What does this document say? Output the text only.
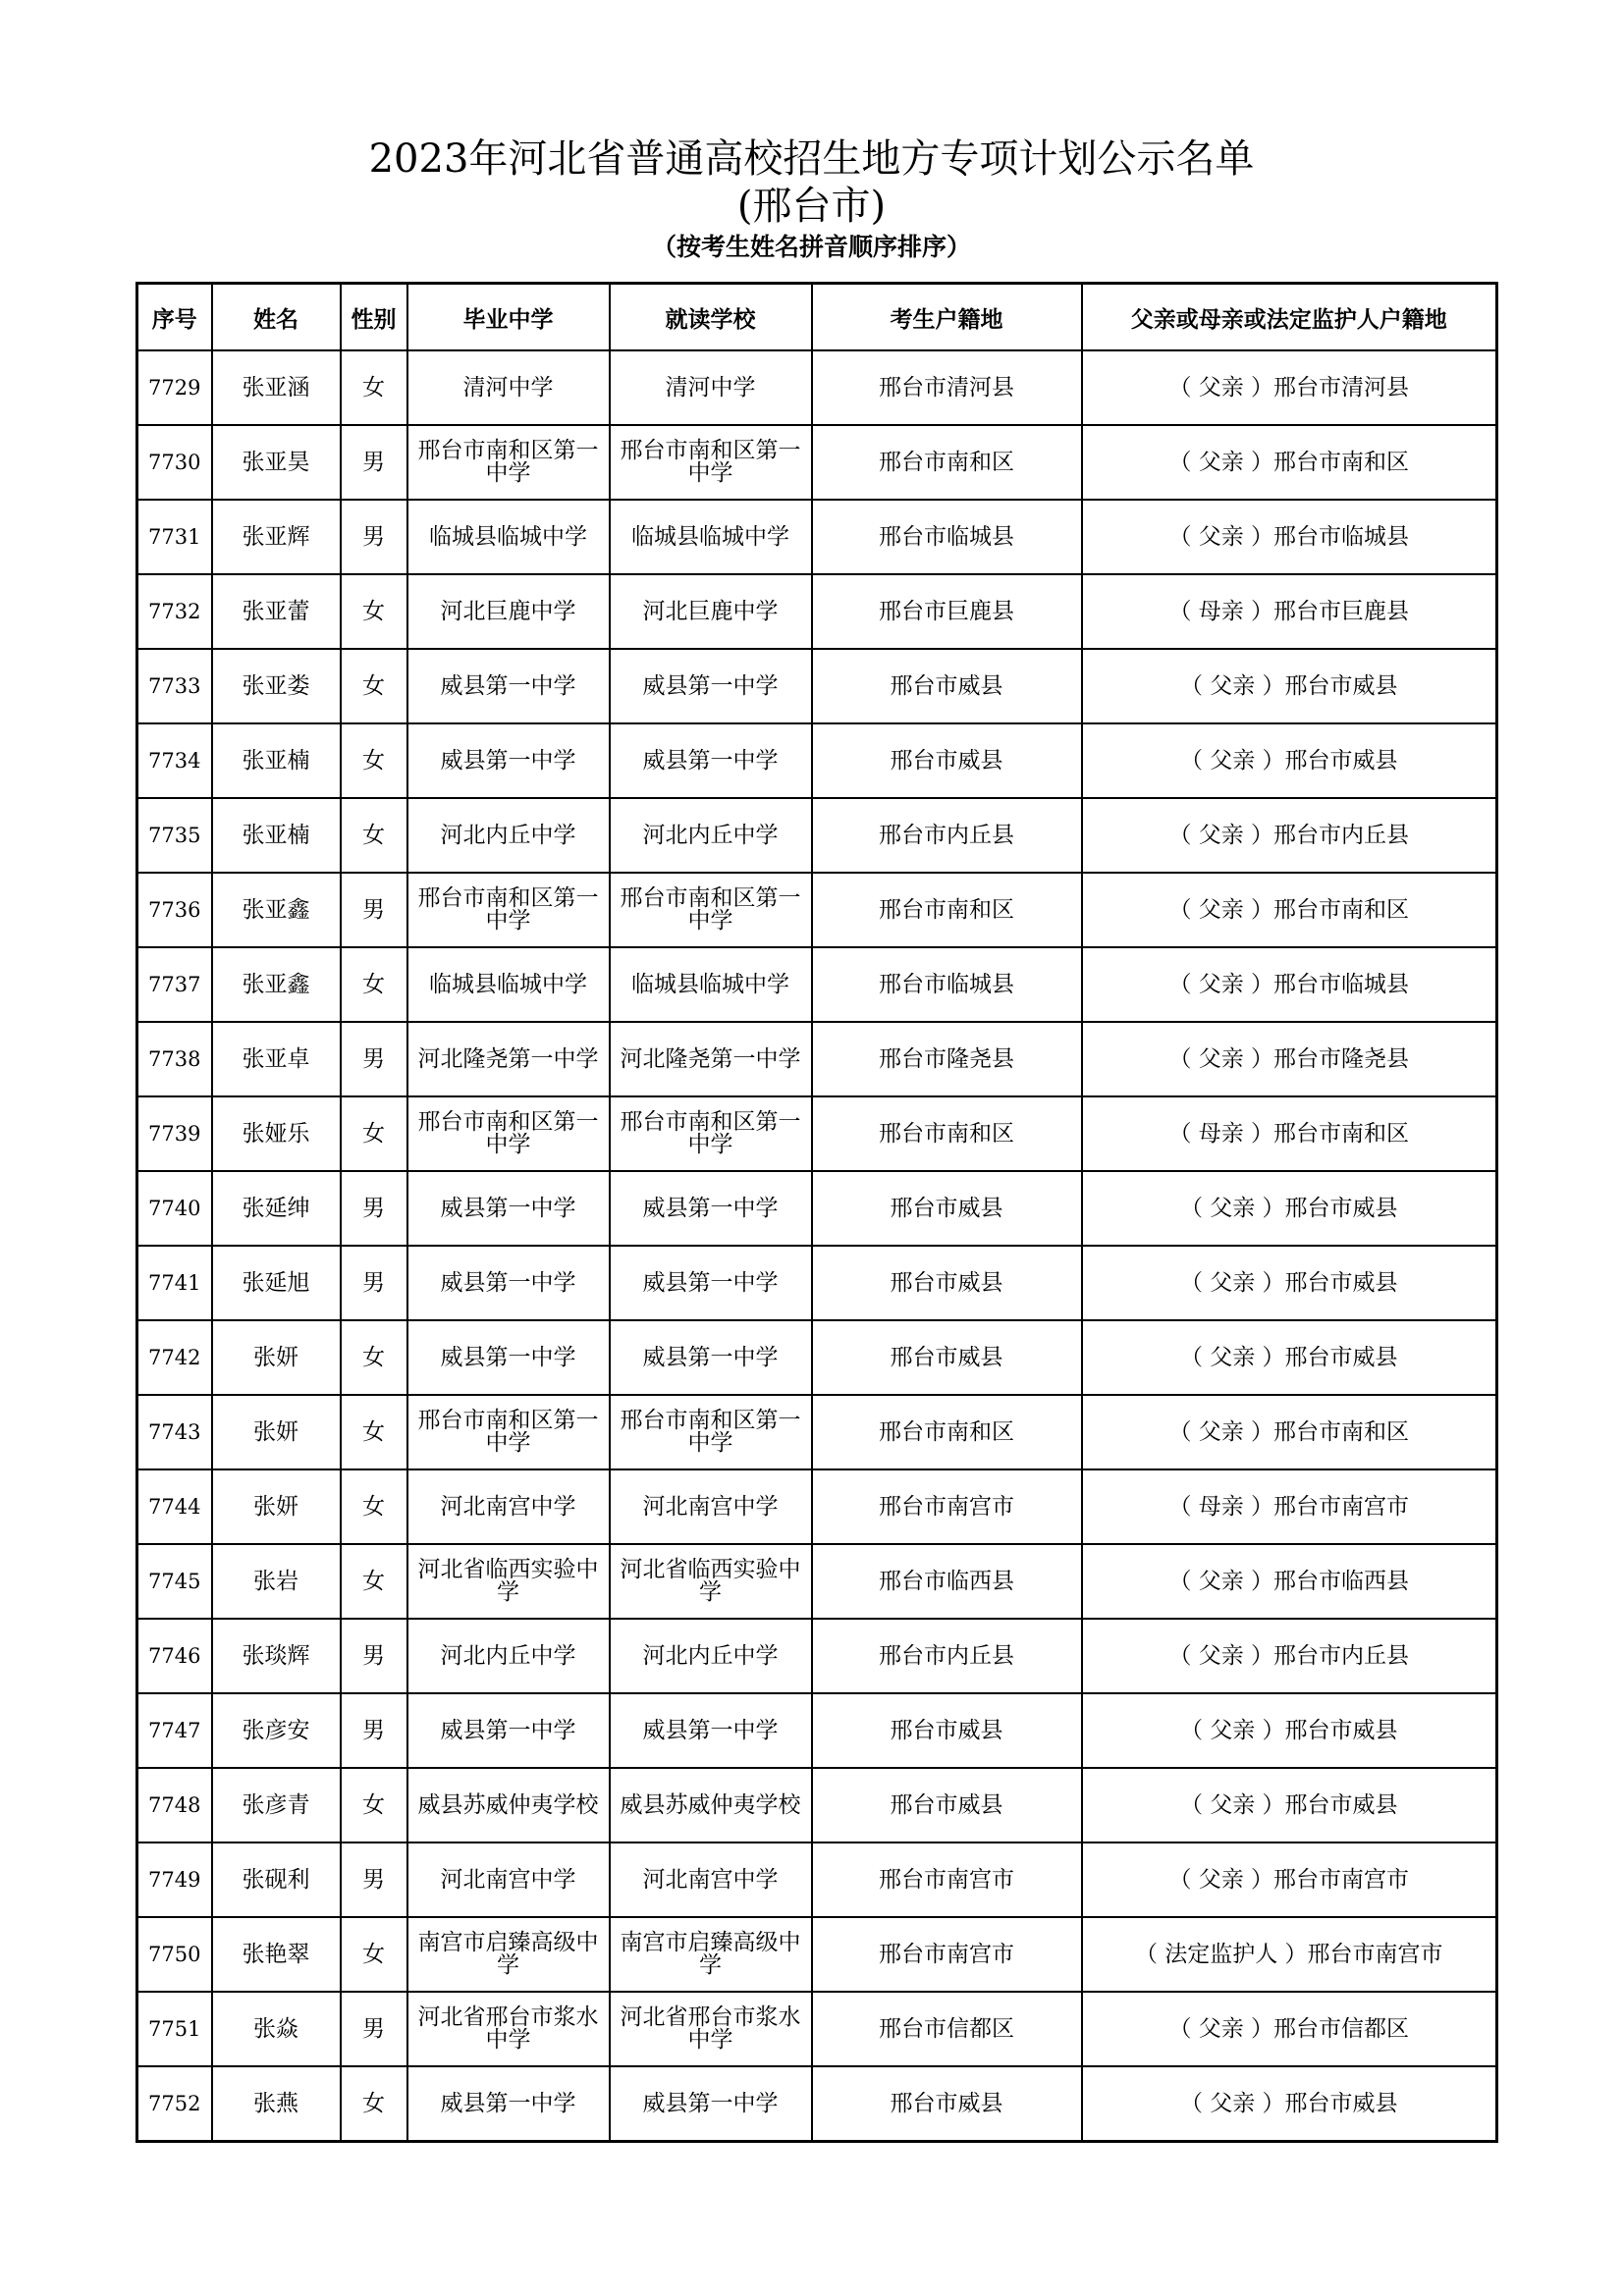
2023年河北省普通高校招生地方专项计划公示名单
(邢台市)
（按考生姓名拼音顺序排序）
序号	姓名	性别	毕业中学	就读学校	考生户籍地	父亲或母亲或法定监护人户籍地
7729	张亚涵	女	清河中学	清河中学	邢台市清河县	（ 父亲 ）邢台市清河县
7730	张亚昊	男	邢台市南和区第一中学	邢台市南和区第一中学	邢台市南和区	（ 父亲 ）邢台市南和区
7731	张亚辉	男	临城县临城中学	临城县临城中学	邢台市临城县	（ 父亲 ）邢台市临城县
7732	张亚蕾	女	河北巨鹿中学	河北巨鹿中学	邢台市巨鹿县	（ 母亲 ）邢台市巨鹿县
7733	张亚娄	女	威县第一中学	威县第一中学	邢台市威县	（ 父亲 ）邢台市威县
7734	张亚楠	女	威县第一中学	威县第一中学	邢台市威县	（ 父亲 ）邢台市威县
7735	张亚楠	女	河北内丘中学	河北内丘中学	邢台市内丘县	（ 父亲 ）邢台市内丘县
7736	张亚鑫	男	邢台市南和区第一中学	邢台市南和区第一中学	邢台市南和区	（ 父亲 ）邢台市南和区
7737	张亚鑫	女	临城县临城中学	临城县临城中学	邢台市临城县	（ 父亲 ）邢台市临城县
7738	张亚卓	男	河北隆尧第一中学	河北隆尧第一中学	邢台市隆尧县	（ 父亲 ）邢台市隆尧县
7739	张娅乐	女	邢台市南和区第一中学	邢台市南和区第一中学	邢台市南和区	（ 母亲 ）邢台市南和区
7740	张延绅	男	威县第一中学	威县第一中学	邢台市威县	（ 父亲 ）邢台市威县
7741	张延旭	男	威县第一中学	威县第一中学	邢台市威县	（ 父亲 ）邢台市威县
7742	张妍	女	威县第一中学	威县第一中学	邢台市威县	（ 父亲 ）邢台市威县
7743	张妍	女	邢台市南和区第一中学	邢台市南和区第一中学	邢台市南和区	（ 父亲 ）邢台市南和区
7744	张妍	女	河北南宫中学	河北南宫中学	邢台市南宫市	（ 母亲 ）邢台市南宫市
7745	张岩	女	河北省临西实验中学	河北省临西实验中学	邢台市临西县	（ 父亲 ）邢台市临西县
7746	张琰辉	男	河北内丘中学	河北内丘中学	邢台市内丘县	（ 父亲 ）邢台市内丘县
7747	张彦安	男	威县第一中学	威县第一中学	邢台市威县	（ 父亲 ）邢台市威县
7748	张彦青	女	威县苏威仲夷学校	威县苏威仲夷学校	邢台市威县	（ 父亲 ）邢台市威县
7749	张砚利	男	河北南宫中学	河北南宫中学	邢台市南宫市	（ 父亲 ）邢台市南宫市
7750	张艳翠	女	南宫市启臻高级中学	南宫市启臻高级中学	邢台市南宫市	（ 法定监护人 ）邢台市南宫市
7751	张焱	男	河北省邢台市浆水中学	河北省邢台市浆水中学	邢台市信都区	（ 父亲 ）邢台市信都区
7752	张燕	女	威县第一中学	威县第一中学	邢台市威县	（ 父亲 ）邢台市威县
